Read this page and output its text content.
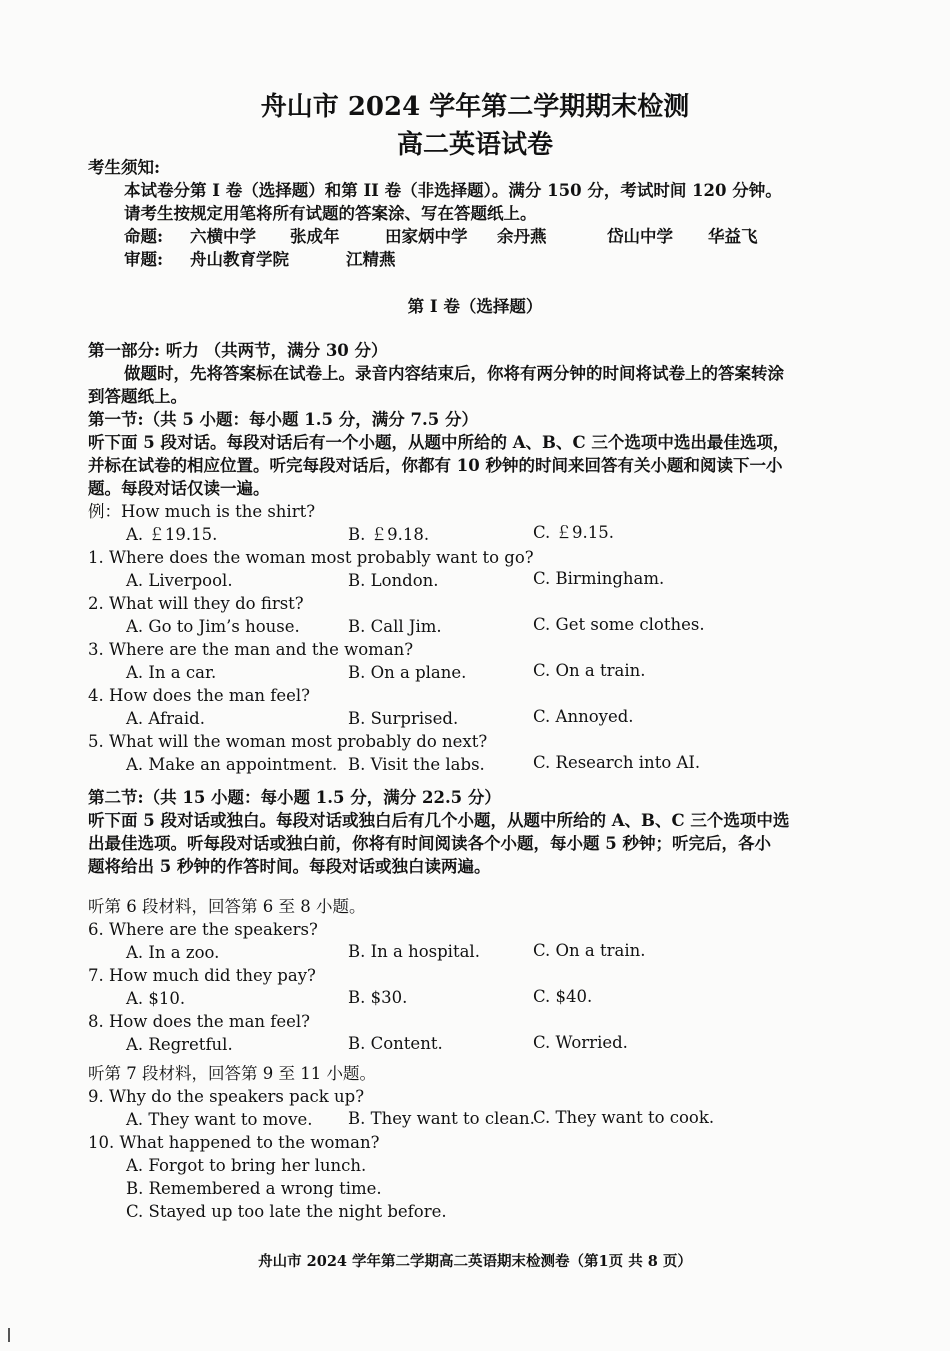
舟山市 2024 学年第二学期期末检测
高二英语试卷
考生须知:
本试卷分第 I 卷（选择题）和第 II 卷（非选择题）。满分 150 分，考试时间 120 分钟。
请考生按规定用笔将所有试题的答案涂、写在答题纸上。
命题: 六横中学 张成年	田家炳中学 余丹燕	岱山中学 华益飞
审题: 舟山教育学院	江精燕
第 I 卷（选择题）
第一部分: 听力 （共两节，满分 30 分）
做题时，先将答案标在试卷上。录音内容结束后，你将有两分钟的时间将试卷上的答案转涂
到答题纸上。
第一节:（共 5 小题：每小题 1.5 分，满分 7.5 分）
听下面 5 段对话。每段对话后有一个小题，从题中所给的 A、B、C 三个选项中选出最佳选项，
并标在试卷的相应位置。听完每段对话后，你都有 10 秒钟的时间来回答有关小题和阅读下一小
题。每段对话仅读一遍。
例：How much is the shirt?
A. ￡19.15.	B. ￡9.18.	C. ￡9.15.
1. Where does the woman most probably want to go?
A. Liverpool.	B. London.	C. Birmingham.
2. What will they do first?
A. Go to Jim’s house.	B. Call Jim.	C. Get some clothes.
3. Where are the man and the woman?
A. In a car.	B. On a plane.	C. On a train.
4. How does the man feel?
A. Afraid.	B. Surprised.	C. Annoyed.
5. What will the woman most probably do next?
A. Make an appointment. B. Visit the labs.	C. Research into AI.
第二节:（共 15 小题：每小题 1.5 分，满分 22.5 分）
听下面 5 段对话或独白。每段对话或独白后有几个小题，从题中所给的 A、B、C 三个选项中选
出最佳选项。听每段对话或独白前，你将有时间阅读各个小题，每小题 5 秒钟；听完后，各小
题将给出 5 秒钟的作答时间。每段对话或独白读两遍。
听第 6 段材料，回答第 6 至 8 小题。
6. Where are the speakers?
A. In a zoo.	B. In a hospital.	C. On a train.
7. How much did they pay?
A. $10.	B. $30.	C. $40.
8. How does the man feel?
A. Regretful.	B. Content.	C. Worried.
听第 7 段材料，回答第 9 至 11 小题。
9. Why do the speakers pack up?
A. They want to move. B. They want to clean.
C. They want to cook.
10. What happened to the woman?
A. Forgot to bring her lunch.
B. Remembered a wrong time.
C. Stayed up too late the night before.
舟山市 2024 学年第二学期高二英语期末检测卷（第1页 共 8 页）
